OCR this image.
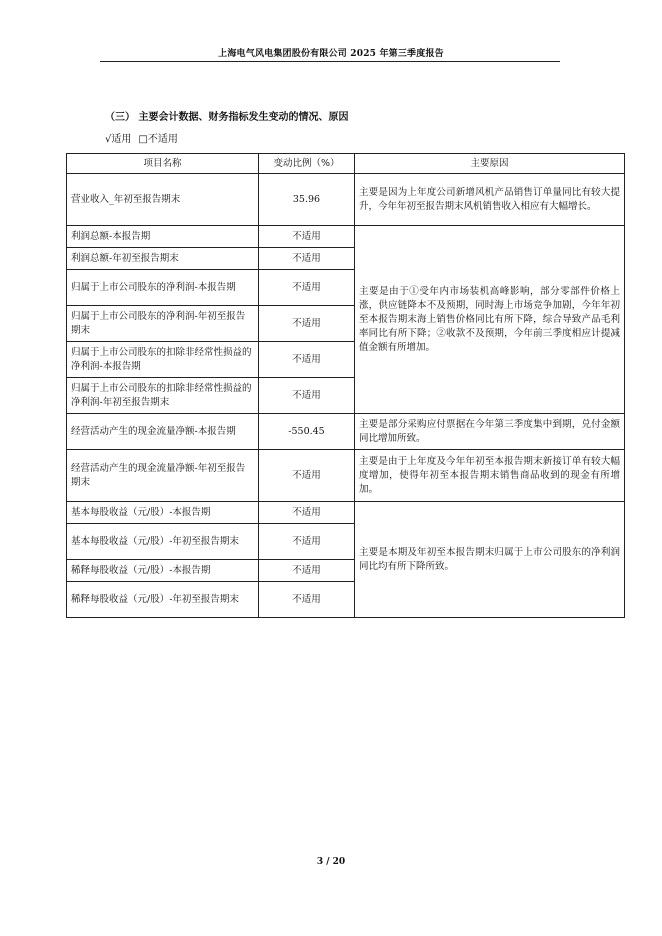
上海电气风电集团股份有限公司 2025 年第三季度报告
（三） 主要会计数据、财务指标发生变动的情况、原因
√适用 □不适用
项目名称	变动比例（%）	主要原因
营业收入_年初至报告期末	35.96	主要是因为上年度公司新增风机产品销售订单量同比有较大提升，今年年初至报告期末风机销售收入相应有大幅增长。
利润总额-本报告期	不适用	主要是由于①受年内市场装机高峰影响，部分零部件价格上涨，供应链降本不及预期，同时海上市场竞争加剧，今年年初至本报告期末海上销售价格同比有所下降，综合导致产品毛利率同比有所下降；②收款不及预期，今年前三季度相应计提减值金额有所增加。
利润总额-年初至报告期末	不适用	
归属于上市公司股东的净利润-本报告期	不适用	
归属于上市公司股东的净利润-年初至报告期末	不适用	
归属于上市公司股东的扣除非经常性损益的净利润-本报告期	不适用	
归属于上市公司股东的扣除非经常性损益的净利润-年初至报告期末	不适用	
经营活动产生的现金流量净额-本报告期	-550.45	主要是部分采购应付票据在今年第三季度集中到期，兑付金额同比增加所致。
经营活动产生的现金流量净额-年初至报告期末	不适用	主要是由于上年度及今年年初至本报告期末新接订单有较大幅度增加，使得年初至本报告期末销售商品收到的现金有所增加。
基本每股收益（元/股）-本报告期	不适用	主要是本期及年初至本报告期末归属于上市公司股东的净利润同比均有所下降所致。
基本每股收益（元/股）-年初至报告期末	不适用	
稀释每股收益（元/股）-本报告期	不适用	
稀释每股收益（元/股）-年初至报告期末	不适用	
3 / 20
